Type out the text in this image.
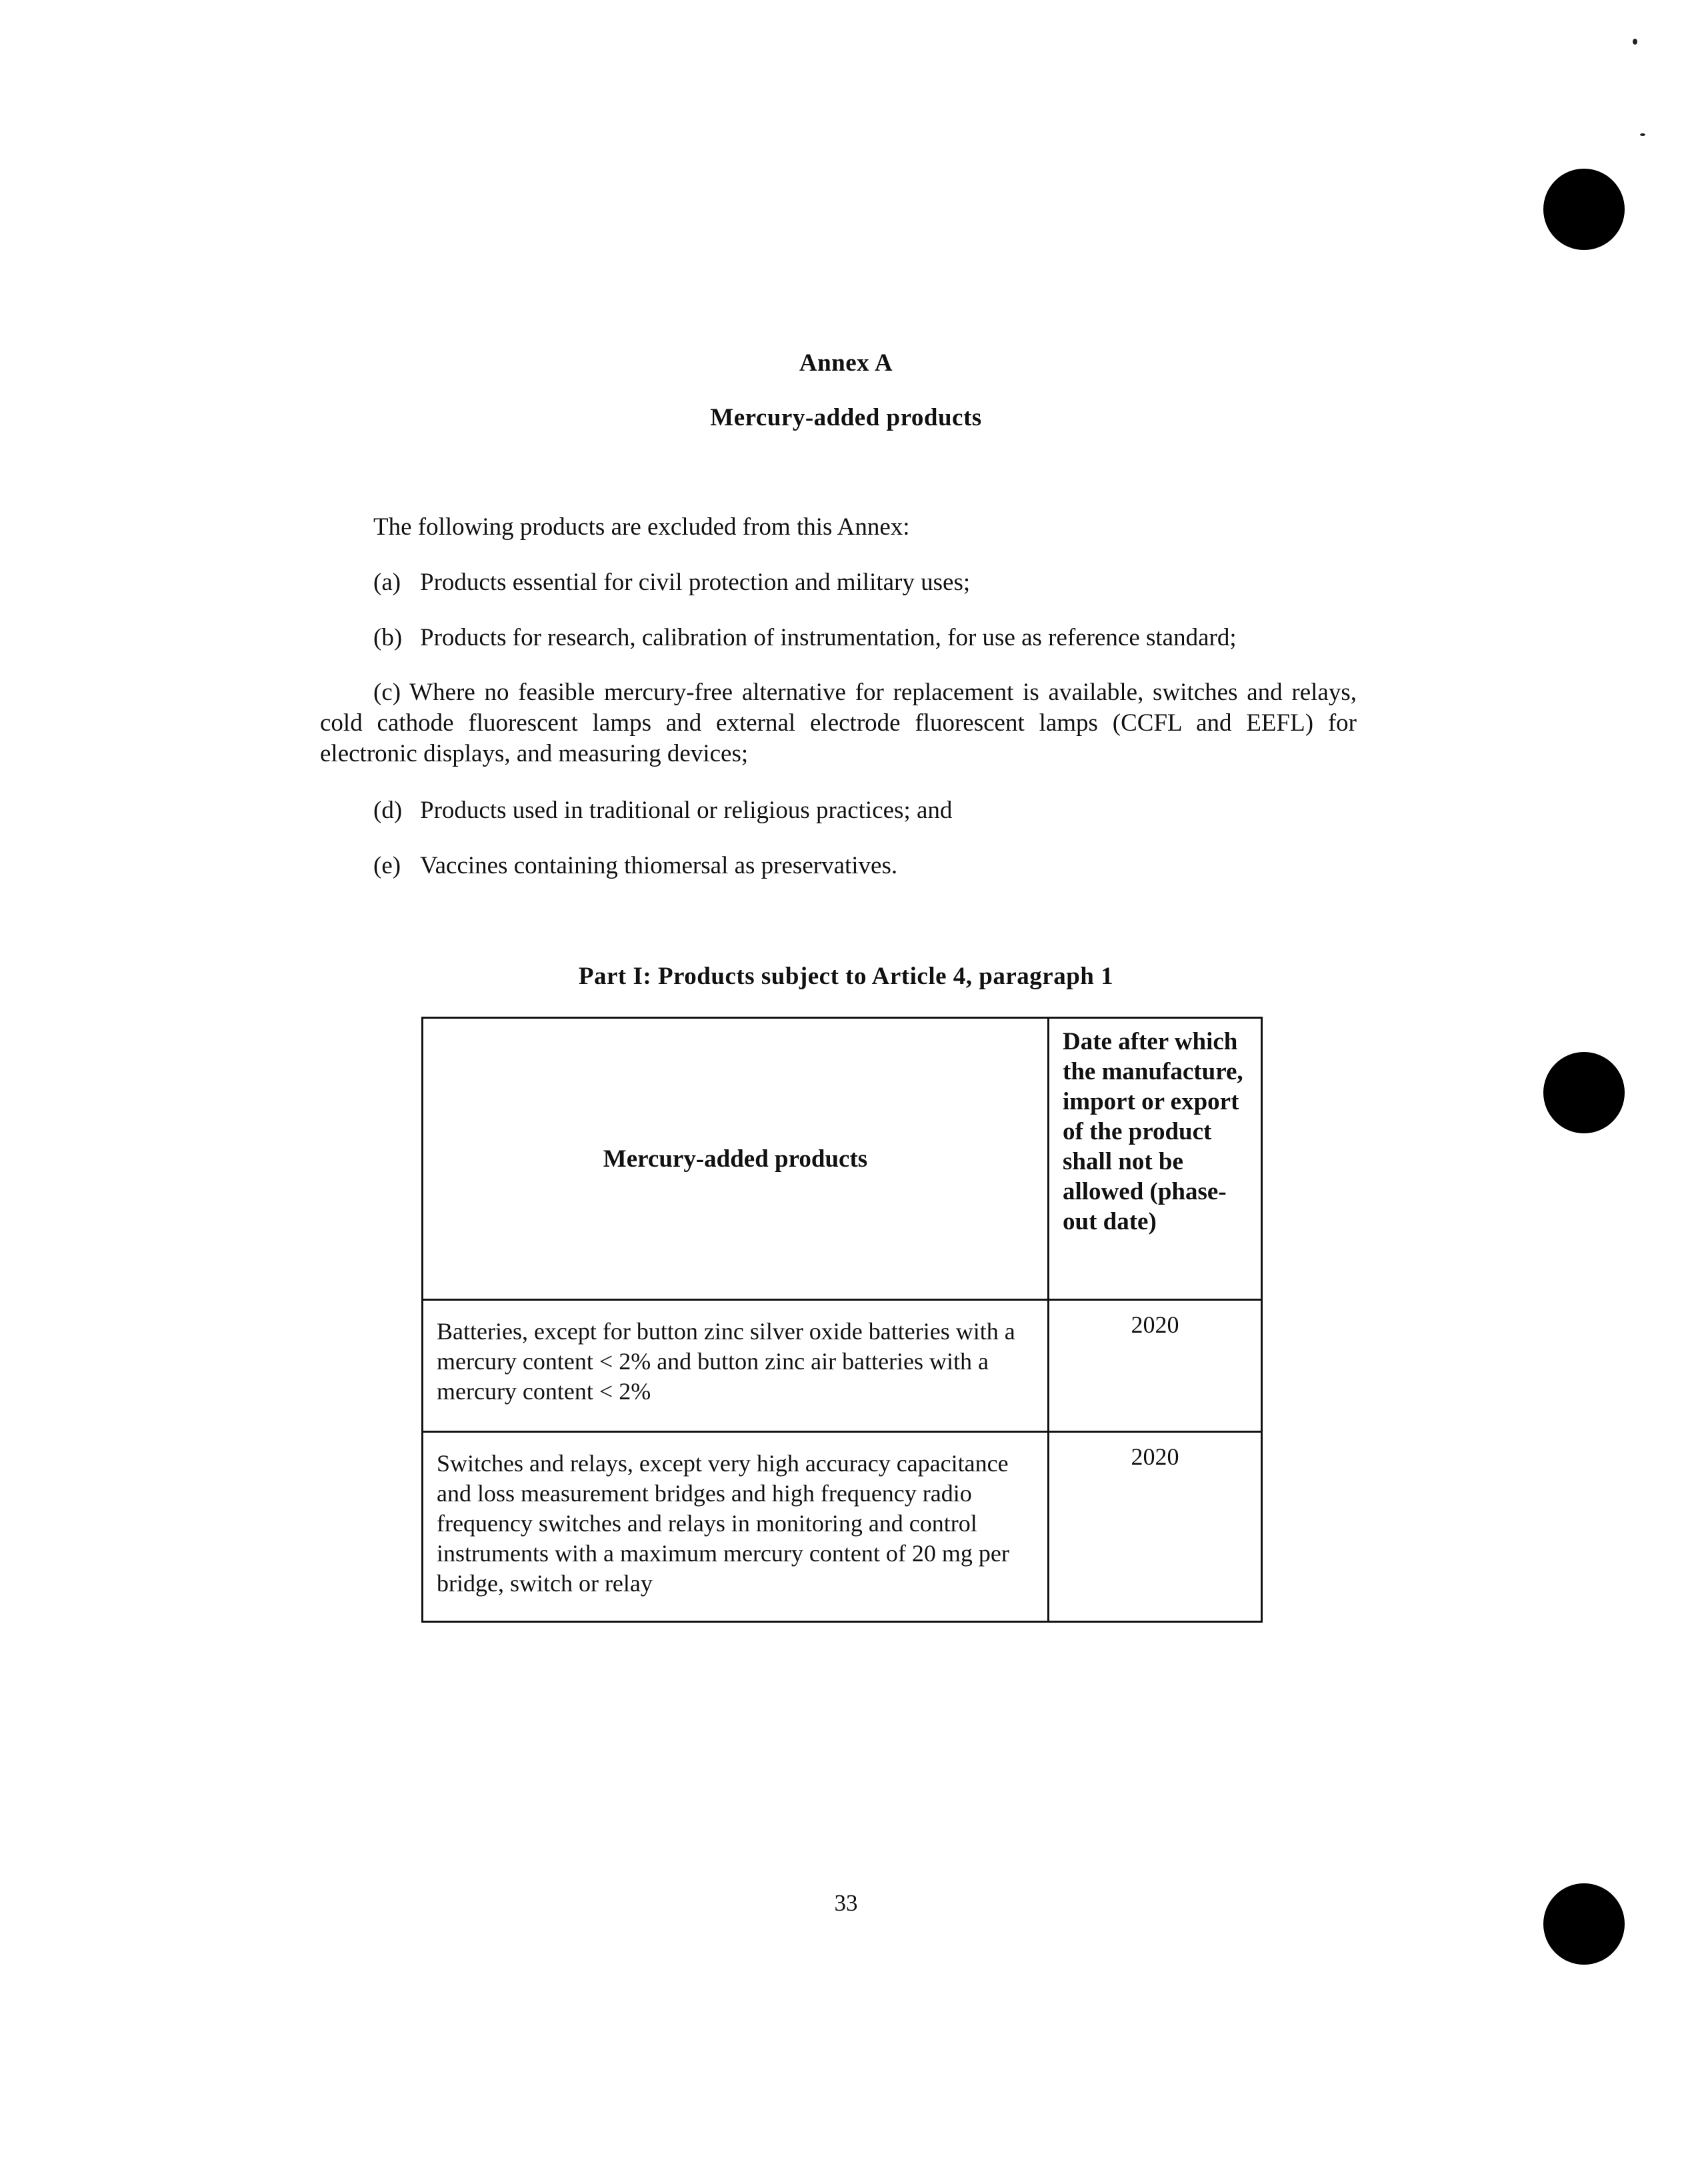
Annex A
Mercury-added products
The following products are excluded from this Annex:
(a) Products essential for civil protection and military uses;
(b) Products for research, calibration of instrumentation, for use as reference standard;
(c) Where no feasible mercury-free alternative for replacement is available, switches and relays, cold cathode fluorescent lamps and external electrode fluorescent lamps (CCFL and EEFL) for electronic displays, and measuring devices;
(d) Products used in traditional or religious practices; and
(e) Vaccines containing thiomersal as preservatives.
Part I: Products subject to Article 4, paragraph 1
Mercury-added products
Date after which the manufacture, import or export of the product shall not be allowed (phase-out date)
Batteries, except for button zinc silver oxide batteries with a mercury content < 2% and button zinc air batteries with a mercury content < 2%
2020
Switches and relays, except very high accuracy capacitance and loss measurement bridges and high frequency radio frequency switches and relays in monitoring and control instruments with a maximum mercury content of 20 mg per bridge, switch or relay
2020
33
